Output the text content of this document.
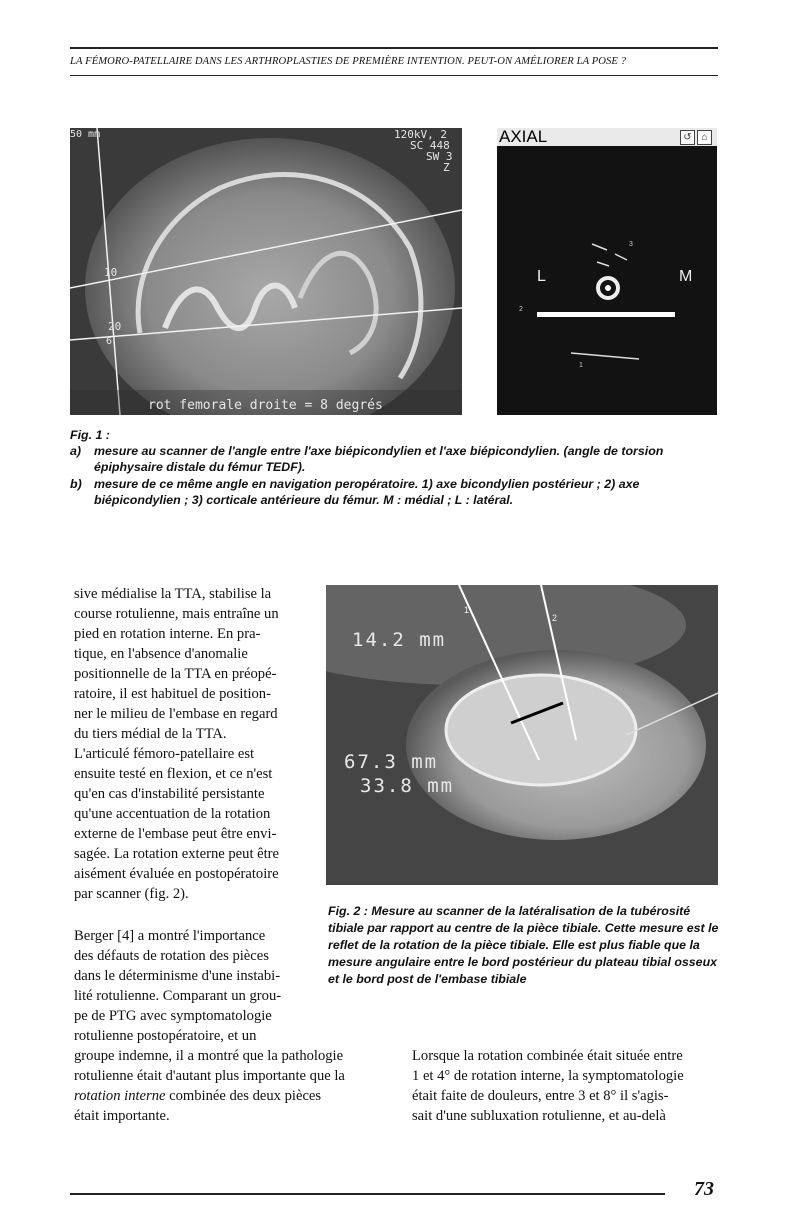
LA FÉMORO-PATELLAIRE DANS LES ARTHROPLASTIES DE PREMIÈRE INTENTION. PEUT-ON AMÉLIORER LA POSE ?
50 mm	120kV, 2
SC 448
SW 3
Z
10
20
6
rot femorale droite = 8 degrés
AXIAL	↺ ⌂
L	M
3
2
1
Fig. 1 :
a) mesure au scanner de l'angle entre l'axe biépicondylien et l'axe biépicondylien. (angle de torsion épiphysaire distale du fémur TEDF).
b) mesure de ce même angle en navigation peropératoire. 1) axe bicondylien postérieur ; 2) axe biépicondylien ; 3) corticale antérieure du fémur. M : médial ; L : latéral.
sive médialise la TTA, stabilise la
course rotulienne, mais entraîne un
pied en rotation interne. En pra-
tique, en l'absence d'anomalie
positionnelle de la TTA en préopé-
ratoire, il est habituel de position-
ner le milieu de l'embase en regard
du tiers médial de la TTA.
L'articulé fémoro-patellaire est
ensuite testé en flexion, et ce n'est
qu'en cas d'instabilité persistante
qu'une accentuation de la rotation
externe de l'embase peut être envi-
sagée. La rotation externe peut être
aisément évaluée en postopératoire
par scanner (fig. 2).
14.2 mm
67.3 mm
33.8 mm
1
2
Fig. 2 : Mesure au scanner de la latéralisation de la tubérosité tibiale par rapport au centre de la pièce tibiale. Cette mesure est le reflet de la rotation de la pièce tibiale. Elle est plus fiable que la mesure angulaire entre le bord postérieur du plateau tibial osseux et le bord post de l'embase tibiale
Berger [4] a montré l'importance
des défauts de rotation des pièces
dans le déterminisme d'une instabi-
lité rotulienne. Comparant un grou-
pe de PTG avec symptomatologie
rotulienne postopératoire, et un
groupe indemne, il a montré que la pathologie
rotulienne était d'autant plus importante que la
rotation interne combinée des deux pièces
était importante.
Lorsque la rotation combinée était située entre
1 et 4° de rotation interne, la symptomatologie
était faite de douleurs, entre 3 et 8° il s'agis-
sait d'une subluxation rotulienne, et au-delà
73
